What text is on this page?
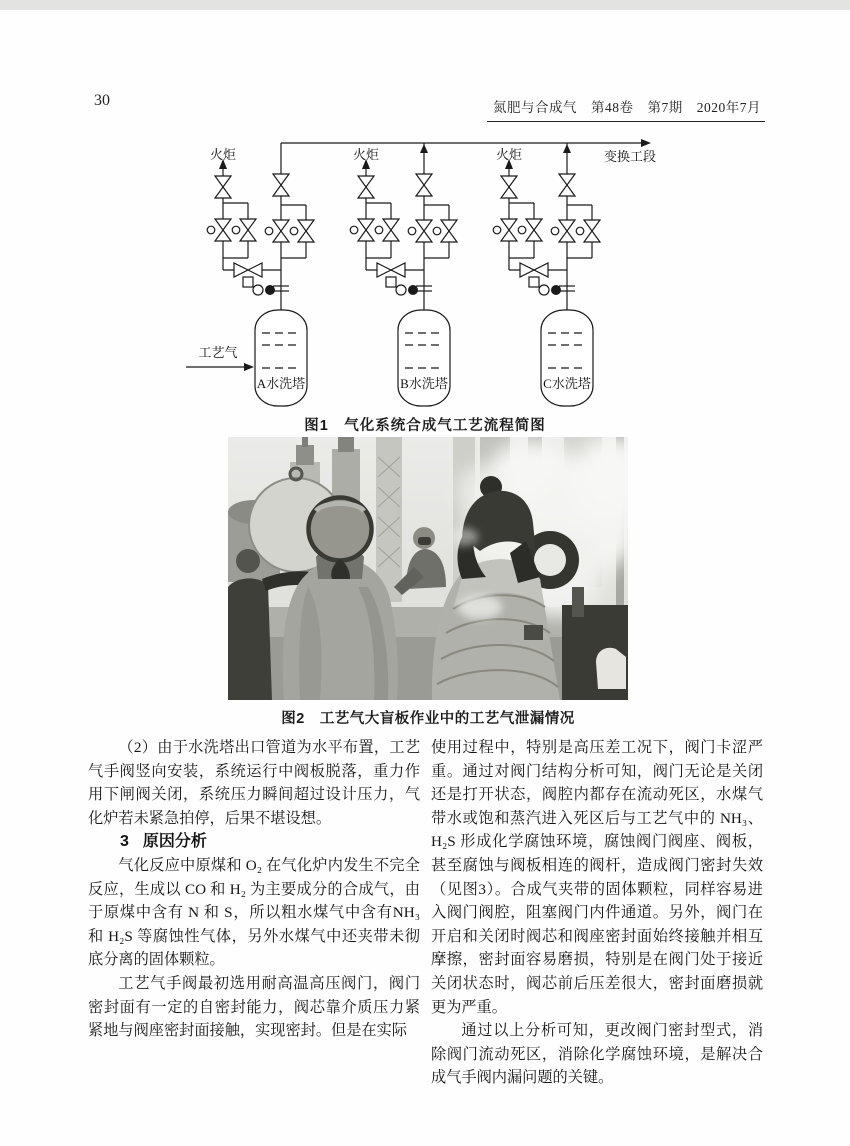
30	氮肥与合成气　第48卷　第7期　2020年7月
火炬	火炬	火炬	变换工段
工艺气
A水洗塔	B水洗塔	C水洗塔
图1　气化系统合成气工艺流程简图
图2　工艺气大盲板作业中的工艺气泄漏情况

（2）由于水洗塔出口管道为水平布置，工艺气手阀竖向安装，系统运行中阀板脱落，重力作用下闸阀关闭，系统压力瞬间超过设计压力，气化炉若未紧急拍停，后果不堪设想。

3 原因分析

气化反应中原煤和 O₂ 在气化炉内发生不完全反应，生成以 CO 和 H₂ 为主要成分的合成气，由于原煤中含有 N 和 S，所以粗水煤气中含有NH₃ 和 H₂S 等腐蚀性气体，另外水煤气中还夹带未彻底分离的固体颗粒。

工艺气手阀最初选用耐高温高压阀门，阀门密封面有一定的自密封能力，阀芯靠介质压力紧紧地与阀座密封面接触，实现密封。但是在实际

使用过程中，特别是高压差工况下，阀门卡涩严重。通过对阀门结构分析可知，阀门无论是关闭还是打开状态，阀腔内都存在流动死区，水煤气带水或饱和蒸汽进入死区后与工艺气中的 NH₃、H₂S 形成化学腐蚀环境，腐蚀阀门阀座、阀板，甚至腐蚀与阀板相连的阀杆，造成阀门密封失效（见图3）。合成气夹带的固体颗粒，同样容易进入阀门阀腔，阻塞阀门内件通道。另外，阀门在开启和关闭时阀芯和阀座密封面始终接触并相互摩擦，密封面容易磨损，特别是在阀门处于接近关闭状态时，阀芯前后压差很大，密封面磨损就更为严重。

通过以上分析可知，更改阀门密封型式，消除阀门流动死区，消除化学腐蚀环境，是解决合成气手阀内漏问题的关键。
